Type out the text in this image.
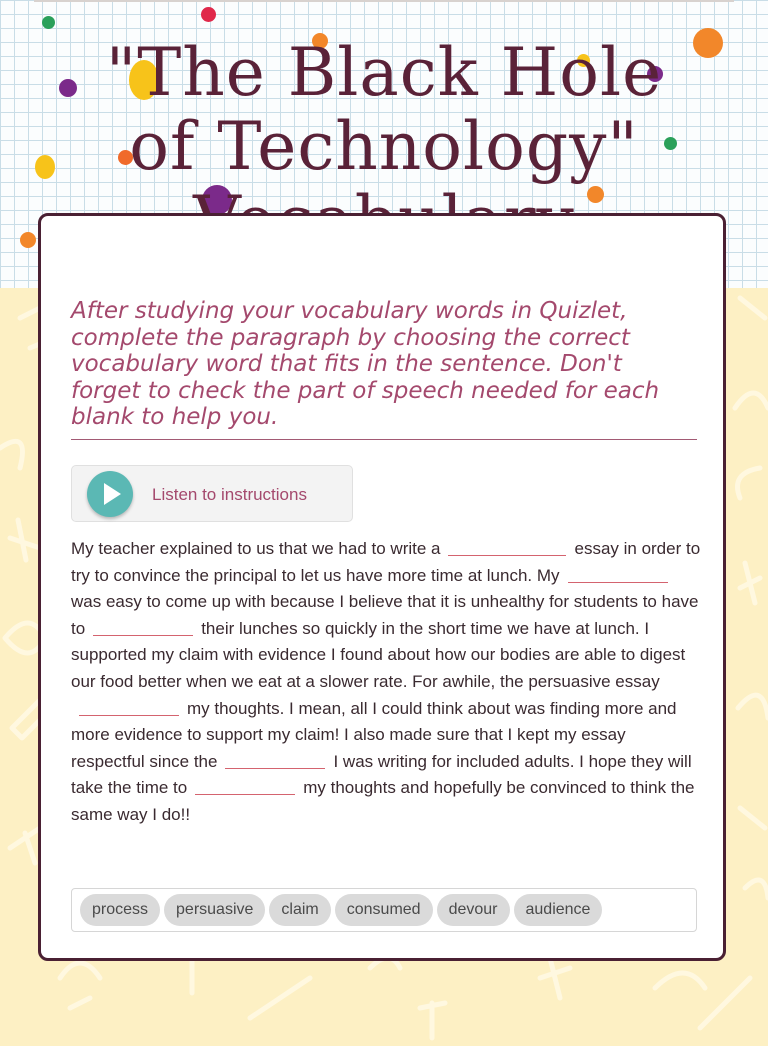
"The Black Hole of Technology"

After studying your vocabulary words in Quizlet, complete the paragraph by choosing the correct vocabulary word that fits in the sentence. Don't forget to check the part of speech needed for each blank to help you.

Listen to instructions
My teacher explained to us that we had to write a	essay in order to try to convince the principal to let us have more time at lunch. Mywas easy to come up with because I believe that it is unhealthy for students to have to	their lunches so quickly in the short time we have at lunch. I supported my claim with evidence I found about how our bodies are able to digest our food better when we eat at a slower rate. For awhile, the persuasive essaymy thoughts. I mean, all I could think about was finding more and more evidence to support my claim! I also made sure that I kept my essay respectful since the	I was writing for included adults. I hope they will take the time to	my thoughts and hopefully be convinced to think the same way I do!!
process persuasive claim consumed devour audience
